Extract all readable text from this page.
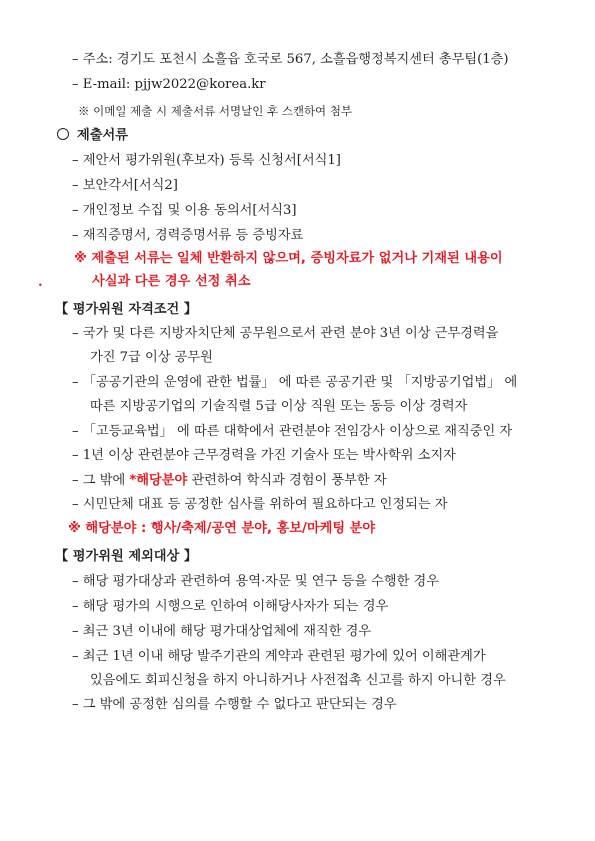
– 주소: 경기도 포천시 소흘읍 호국로 567, 소흘읍행정복지센터 총무팀(1층)
– E-mail: pjjw2022@korea.kr
※ 이메일 제출 시 제출서류 서명날인 후 스캔하여 첨부
제출서류
– 제안서 평가위원(후보자) 등록 신청서[서식1]
– 보안각서[서식2]
– 개인정보 수집 및 이용 동의서[서식3]
– 재직증명서, 경력증명서류 등 증빙자료
※ 제출된 서류는 일체 반환하지 않으며, 증빙자료가 없거나 기재된 내용이
.	사실과 다른 경우 선정 취소
【 평가위원 자격조건 】
– 국가 및 다른 지방자치단체 공무원으로서 관련 분야 3년 이상 근무경력을
가진 7급 이상 공무원
– 「공공기관의 운영에 관한 법률」 에 따른 공공기관 및 「지방공기업법」 에
따른 지방공기업의 기술직렬 5급 이상 직원 또는 동등 이상 경력자
– 「고등교육법」 에 따른 대학에서 관련분야 전임강사 이상으로 재직중인 자
– 1년 이상 관련분야 근무경력을 가진 기술사 또는 박사학위 소지자
– 그 밖에 *해당분야 관련하여 학식과 경험이 풍부한 자
– 시민단체 대표 등 공정한 심사를 위하여 필요하다고 인정되는 자
※ 해당분야 : 행사/축제/공연 분야, 홍보/마케팅 분야
【 평가위원 제외대상 】
– 해당 평가대상과 관련하여 용역·자문 및 연구 등을 수행한 경우
– 해당 평가의 시행으로 인하여 이해당사자가 되는 경우
– 최근 3년 이내에 해당 평가대상업체에 재직한 경우
– 최근 1년 이내 해당 발주기관의 계약과 관련된 평가에 있어 이해관계가
있음에도 회피신청을 하지 아니하거나 사전접촉 신고를 하지 아니한 경우
– 그 밖에 공정한 심의를 수행할 수 없다고 판단되는 경우
